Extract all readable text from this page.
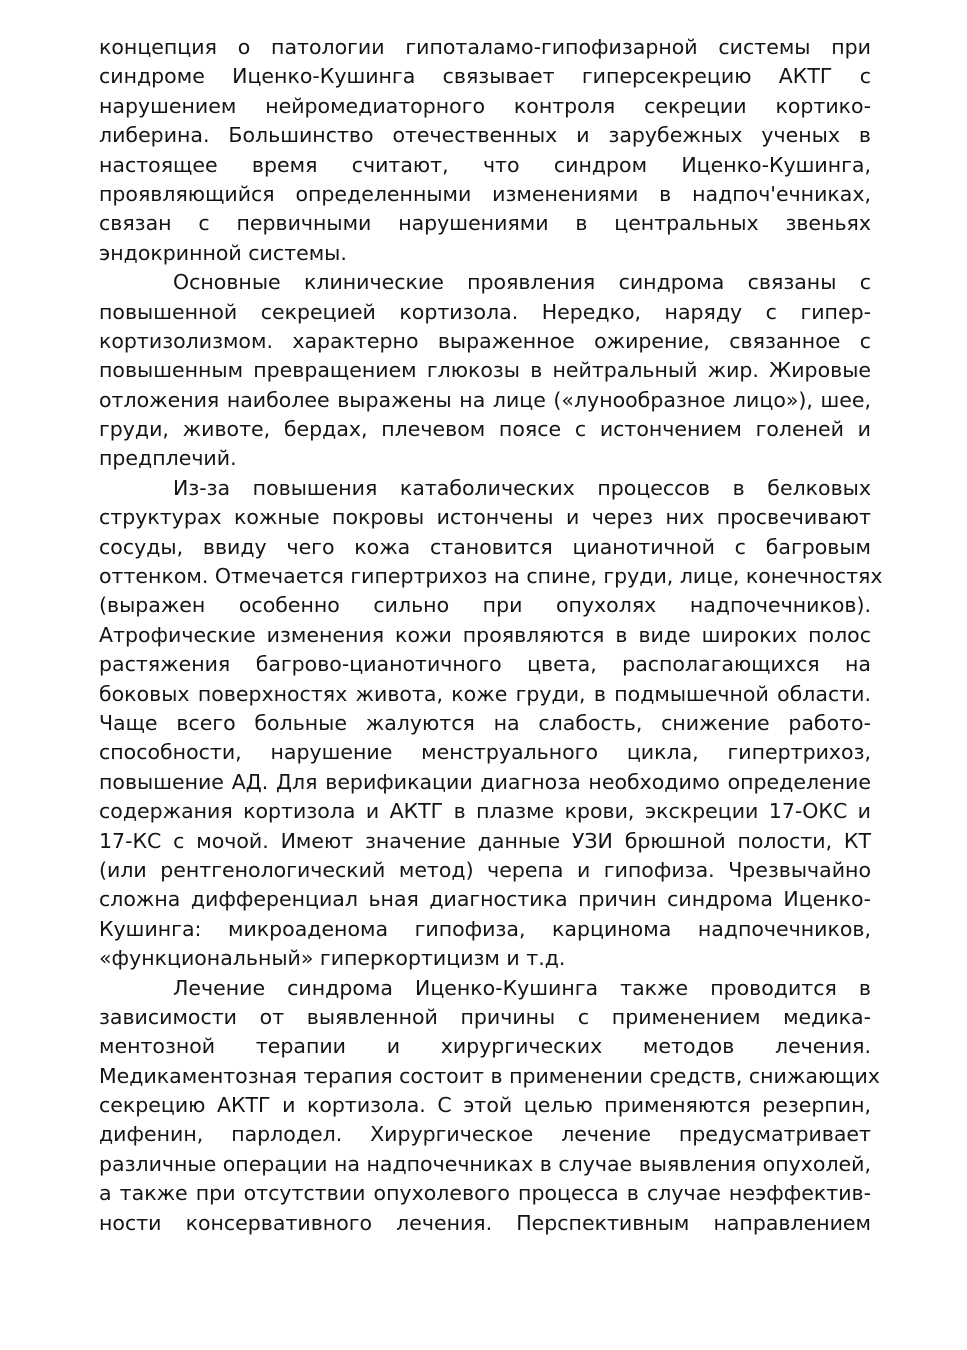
концепция о патологии гипоталамо-гипофизарной системы при
синдроме Иценко-Кушинга связывает гиперсекрецию АКТГ с
нарушением нейромедиаторного контроля секреции кортико-
либерина. Большинство отечественных и зарубежных ученых в
настоящее время считают, что синдром Иценко-Кушинга,
проявляющийся определенными изменениями в надпоч'ечниках,
связан с первичными нарушениями в центральных звеньях
эндокринной системы.
Основные клинические проявления синдрома связаны с
повышенной секрецией кортизола. Нередко, наряду с гипер-
кортизолизмом. характерно выраженное ожирение, связанное с
повышенным превращением глюкозы в нейтральный жир. Жировые
отложения наиболее выражены на лице («лунообразное лицо»), шее,
груди, животе, бердах, плечевом поясе с истончением голеней и
предплечий.
Из-за повышения катаболических процессов в белковых
структурах кожные покровы истончены и через них просвечивают
сосуды, ввиду чего кожа становится цианотичной с багровым
оттенком. Отмечается гипертрихоз на спине, груди, лице, конечностях
(выражен особенно сильно при опухолях надпочечников).
Атрофические изменения кожи проявляются в виде широких полос
растяжения багрово-цианотичного цвета, располагающихся на
боковых поверхностях живота, коже груди, в подмышечной области.
Чаще всего больные жалуются на слабость, снижение работо-
способности, нарушение менструального цикла, гипертрихоз,
повышение АД. Для верификации диагноза необходимо определение
содержания кортизола и АКТГ в плазме крови, экскреции 17-ОКС и
17-КС с мочой. Имеют значение данные УЗИ брюшной полости, КТ
(или рентгенологический метод) черепа и гипофиза. Чрезвычайно
сложна дифференциал ьная диагностика причин синдрома Иценко-
Кушинга: микроаденома гипофиза, карцинома надпочечников,
«функциональный» гиперкортицизм и т.д.
Лечение синдрома Иценко-Кушинга также проводится в
зависимости от выявленной причины с применением медика-
ментозной терапии и хирургических методов лечения.
Медикаментозная терапия состоит в применении средств, снижающих
секрецию АКТГ и кортизола. С этой целью применяются резерпин,
дифенин, парлодел. Хирургическое лечение предусматривает
различные операции на надпочечниках в случае выявления опухолей,
а также при отсутствии опухолевого процесса в случае неэффектив-
ности консервативного лечения. Перспективным направлением
